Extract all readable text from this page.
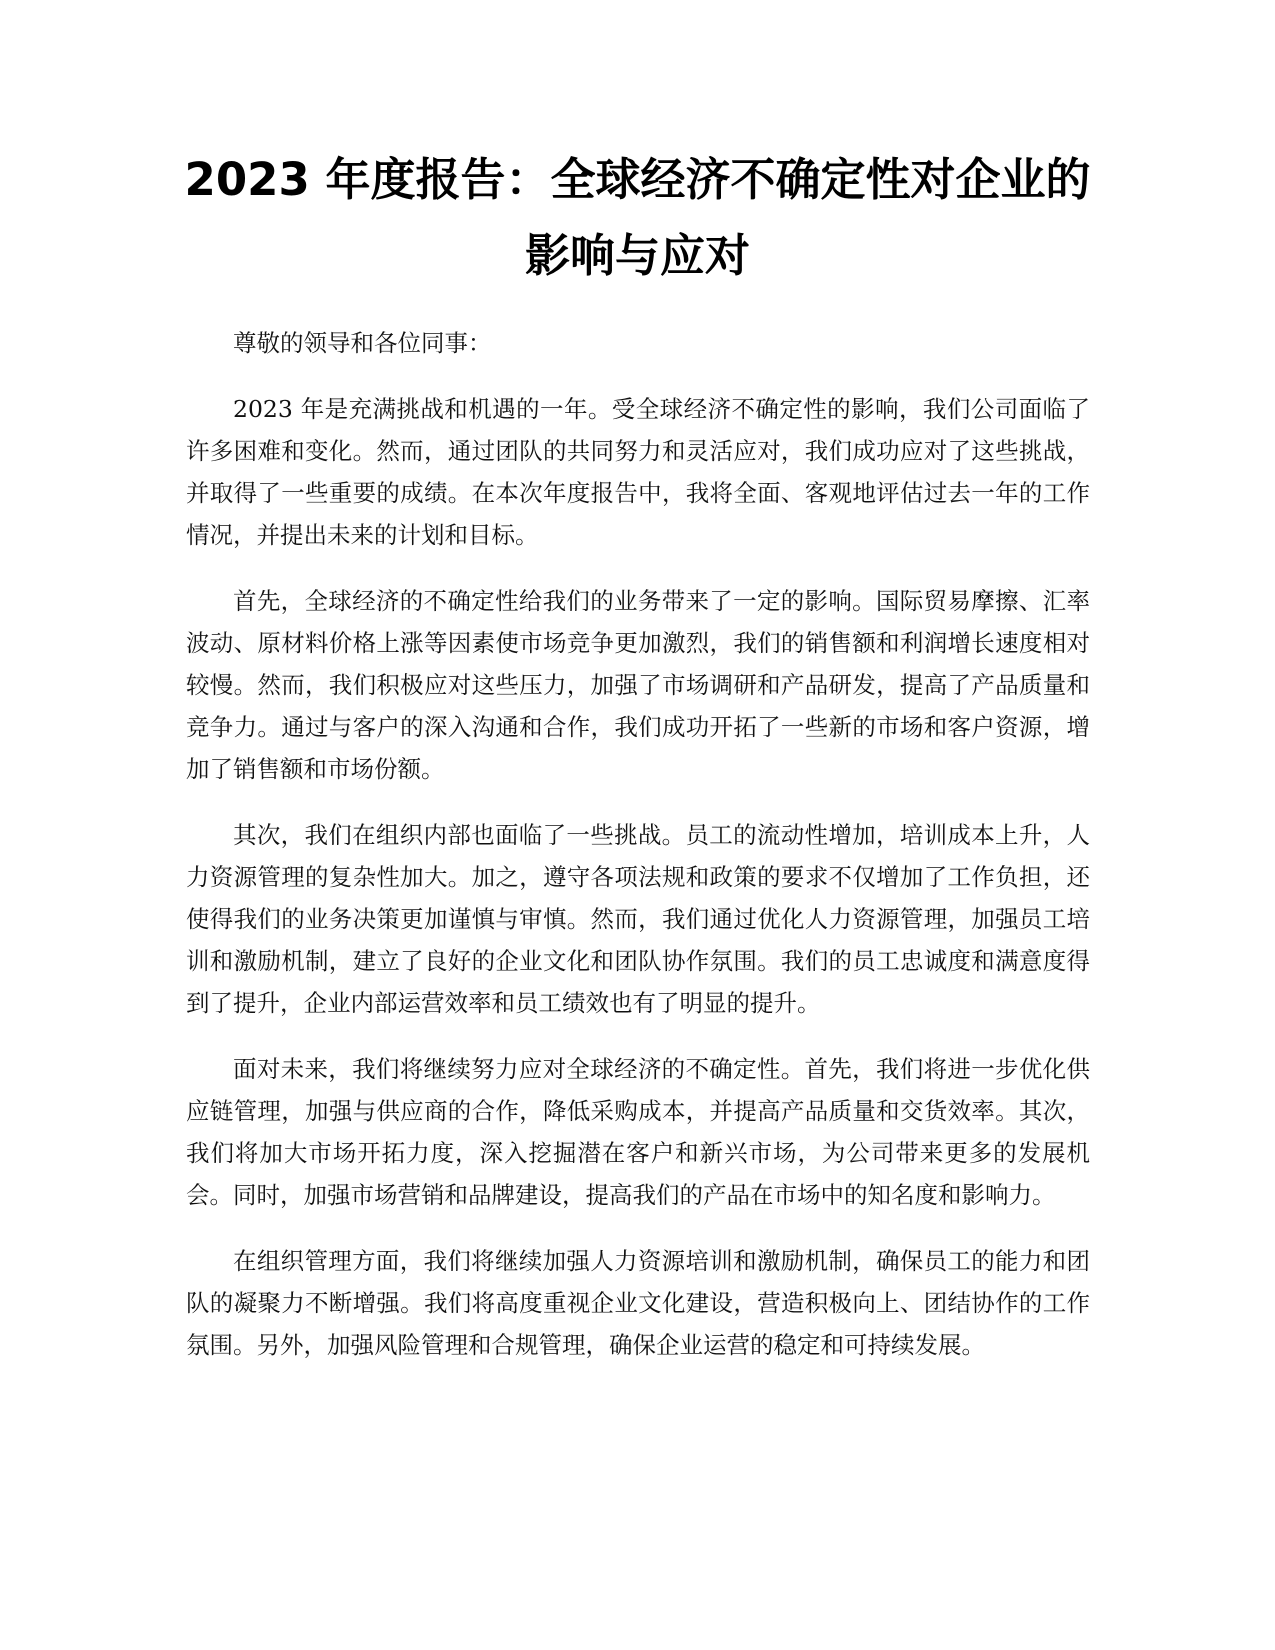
2023 年度报告：全球经济不确定性对企业的
影响与应对

尊敬的领导和各位同事：

2023 年是充满挑战和机遇的一年。受全球经济不确定性的影响，我们公司面临了许多困难和变化。然而，通过团队的共同努力和灵活应对，我们成功应对了这些挑战，并取得了一些重要的成绩。在本次年度报告中，我将全面、客观地评估过去一年的工作情况，并提出未来的计划和目标。

首先，全球经济的不确定性给我们的业务带来了一定的影响。国际贸易摩擦、汇率波动、原材料价格上涨等因素使市场竞争更加激烈，我们的销售额和利润增长速度相对较慢。然而，我们积极应对这些压力，加强了市场调研和产品研发，提高了产品质量和竞争力。通过与客户的深入沟通和合作，我们成功开拓了一些新的市场和客户资源，增加了销售额和市场份额。

其次，我们在组织内部也面临了一些挑战。员工的流动性增加，培训成本上升，人力资源管理的复杂性加大。加之，遵守各项法规和政策的要求不仅增加了工作负担，还使得我们的业务决策更加谨慎与审慎。然而，我们通过优化人力资源管理，加强员工培训和激励机制，建立了良好的企业文化和团队协作氛围。我们的员工忠诚度和满意度得到了提升，企业内部运营效率和员工绩效也有了明显的提升。

面对未来，我们将继续努力应对全球经济的不确定性。首先，我们将进一步优化供应链管理，加强与供应商的合作，降低采购成本，并提高产品质量和交货效率。其次，我们将加大市场开拓力度，深入挖掘潜在客户和新兴市场，为公司带来更多的发展机会。同时，加强市场营销和品牌建设，提高我们的产品在市场中的知名度和影响力。

在组织管理方面，我们将继续加强人力资源培训和激励机制，确保员工的能力和团队的凝聚力不断增强。我们将高度重视企业文化建设，营造积极向上、团结协作的工作氛围。另外，加强风险管理和合规管理，确保企业运营的稳定和可持续发展。
